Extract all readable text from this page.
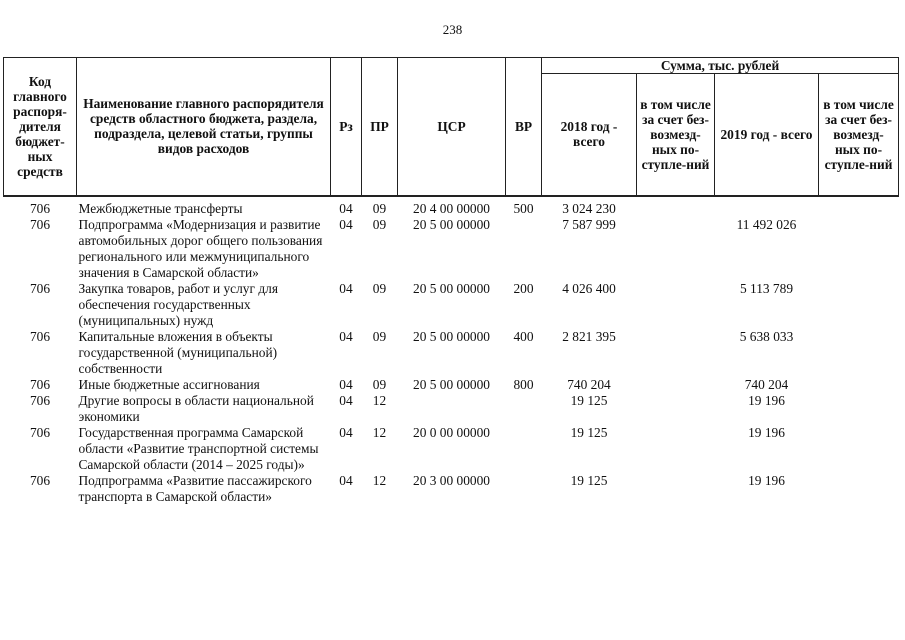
238
Код главного распоря-дителя бюджет-ных средств	Наименование главного распорядителя средств областного бюджета, раздела, подраздела, целевой статьи, группы видов расходов	Рз	ПР	ЦСР	ВР	Сумма, тыс. рублей			
						2018 год - всего	в том числе за счет без-возмезд-ных по-ступле-ний	2019 год - всего	в том числе за счет без-возмезд-ных по-ступле-ний

706	Межбюджетные трансферты	04	09	20 4 00 00000	500	3 024 230			
706	Подпрограмма «Модернизация и развитие автомобильных дорог общего пользования регионального или межмуниципального значения в Самарской области»	04	09	20 5 00 00000		7 587 999		11 492 026	
706	Закупка товаров, работ и услуг для обеспечения государственных (муниципальных) нужд	04	09	20 5 00 00000	200	4 026 400		5 113 789	
706	Капитальные вложения в объекты государственной (муниципальной) собственности	04	09	20 5 00 00000	400	2 821 395		5 638 033	
706	Иные бюджетные ассигнования	04	09	20 5 00 00000	800	740 204		740 204	
706	Другие вопросы в области национальной экономики	04	12			19 125		19 196	
706	Государственная программа Самарской области «Развитие транспортной системы Самарской области (2014 – 2025 годы)»	04	12	20 0 00 00000		19 125		19 196	
706	Подпрограмма «Развитие пассажирского транспорта в Самарской области»	04	12	20 3 00 00000		19 125		19 196	
